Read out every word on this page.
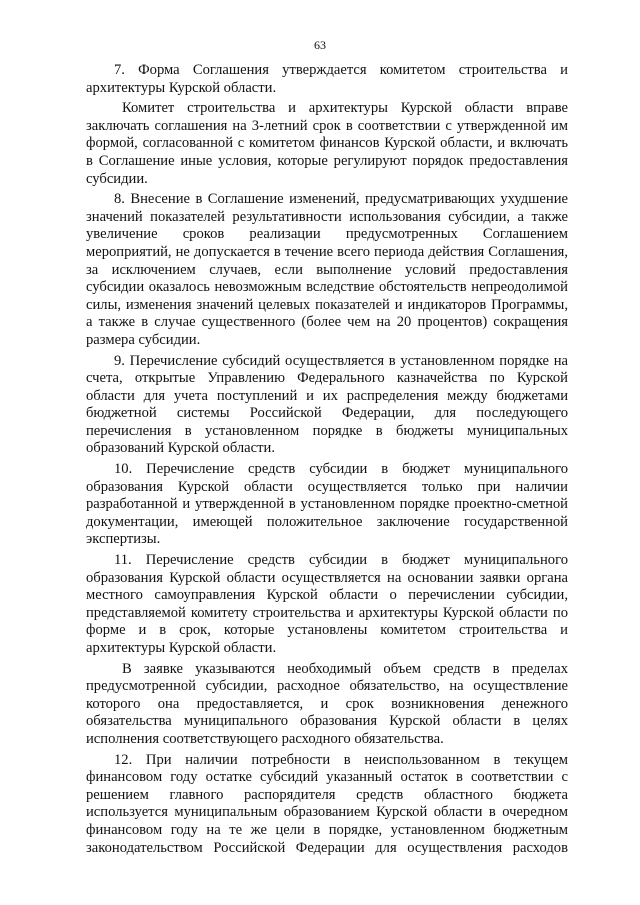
63

7. Форма Соглашения утверждается комитетом строительства и архитектуры Курской области.

Комитет строительства и архитектуры Курской области вправе заключать соглашения на 3-летний срок в соответствии с утвержденной им формой, согласованной с комитетом финансов Курской области, и включать в Соглашение иные условия, которые регулируют порядок предоставления субсидии.

8. Внесение в Соглашение изменений, предусматривающих ухудшение значений показателей результативности использования субсидии, а также увеличение сроков реализации предусмотренных Соглашением мероприятий, не допускается в течение всего периода действия Соглашения, за исключением случаев, если выполнение условий предоставления субсидии оказалось невозможным вследствие обстоятельств непреодолимой силы, изменения значений целевых показателей и индикаторов Программы, а также в случае существенного (более чем на 20 процентов) сокращения размера субсидии.

9. Перечисление субсидий осуществляется в установленном порядке на счета, открытые Управлению Федерального казначейства по Курской области для учета поступлений и их распределения между бюджетами бюджетной системы Российской Федерации, для последующего перечисления в установленном порядке в бюджеты муниципальных образований Курской области.

10. Перечисление средств субсидии в бюджет муниципального образования Курской области осуществляется только при наличии разработанной и утвержденной в установленном порядке проектно-сметной документации, имеющей положительное заключение государственной экспертизы.

11. Перечисление средств субсидии в бюджет муниципального образования Курской области осуществляется на основании заявки органа местного самоуправления Курской области о перечислении субсидии, представляемой комитету строительства и архитектуры Курской области по форме и в срок, которые установлены комитетом строительства и архитектуры Курской области.

В заявке указываются необходимый объем средств в пределах предусмотренной субсидии, расходное обязательство, на осуществление которого она предоставляется, и срок возникновения денежного обязательства муниципального образования Курской области в целях исполнения соответствующего расходного обязательства.

12. При наличии потребности в неиспользованном в текущем финансовом году остатке субсидий указанный остаток в соответствии с решением главного распорядителя средств областного бюджета используется муниципальным образованием Курской области в очередном финансовом году на те же цели в порядке, установленном бюджетным законодательством Российской Федерации для осуществления расходов
